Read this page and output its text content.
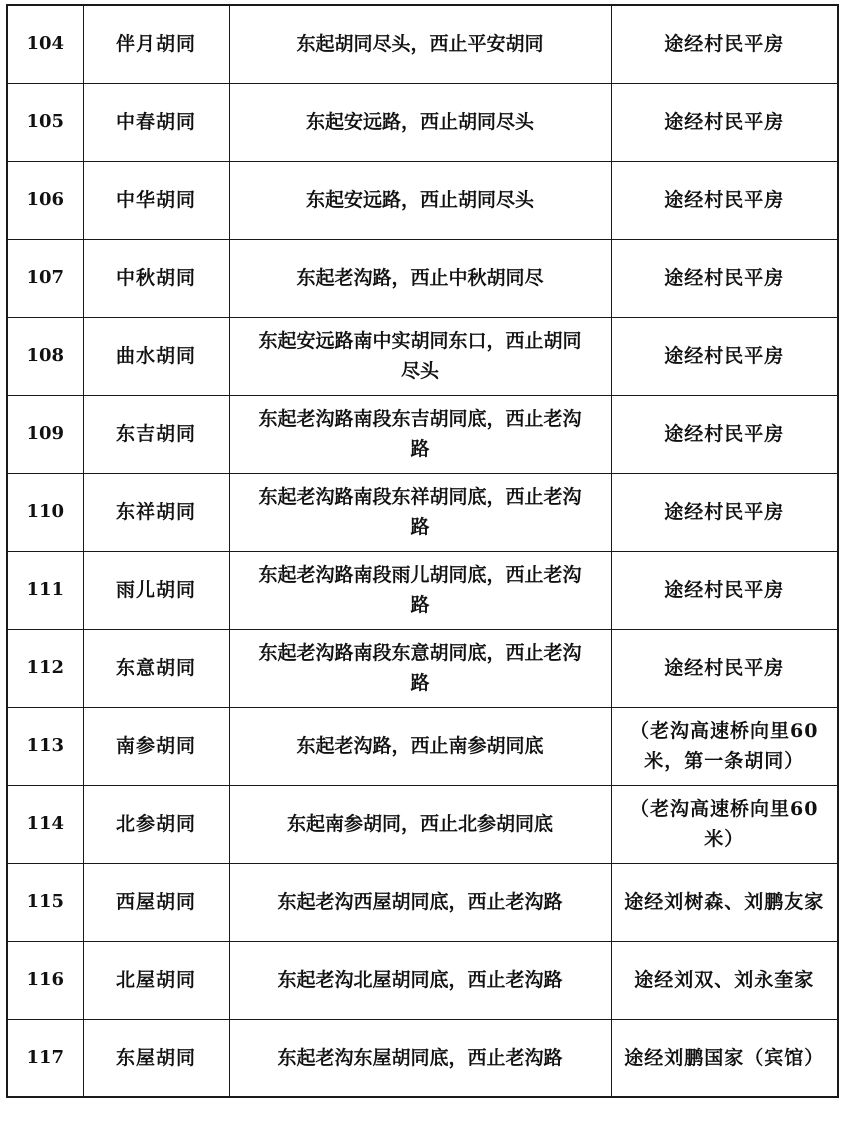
104	伴月胡同	东起胡同尽头，西止平安胡同	途经村民平房
105	中春胡同	东起安远路，西止胡同尽头	途经村民平房
106	中华胡同	东起安远路，西止胡同尽头	途经村民平房
107	中秋胡同	东起老沟路，西止中秋胡同尽	途经村民平房
108	曲水胡同	东起安远路南中实胡同东口，西止胡同尽头	途经村民平房
109	东吉胡同	东起老沟路南段东吉胡同底，西止老沟路	途经村民平房
110	东祥胡同	东起老沟路南段东祥胡同底，西止老沟路	途经村民平房
111	雨儿胡同	东起老沟路南段雨儿胡同底，西止老沟路	途经村民平房
112	东意胡同	东起老沟路南段东意胡同底，西止老沟路	途经村民平房
113	南参胡同	东起老沟路，西止南参胡同底	（老沟高速桥向里60米，第一条胡同）
114	北参胡同	东起南参胡同，西止北参胡同底	（老沟高速桥向里60米）
115	西屋胡同	东起老沟西屋胡同底，西止老沟路	途经刘树森、刘鹏友家
116	北屋胡同	东起老沟北屋胡同底，西止老沟路	途经刘双、刘永奎家
117	东屋胡同	东起老沟东屋胡同底，西止老沟路	途经刘鹏国家（宾馆）
